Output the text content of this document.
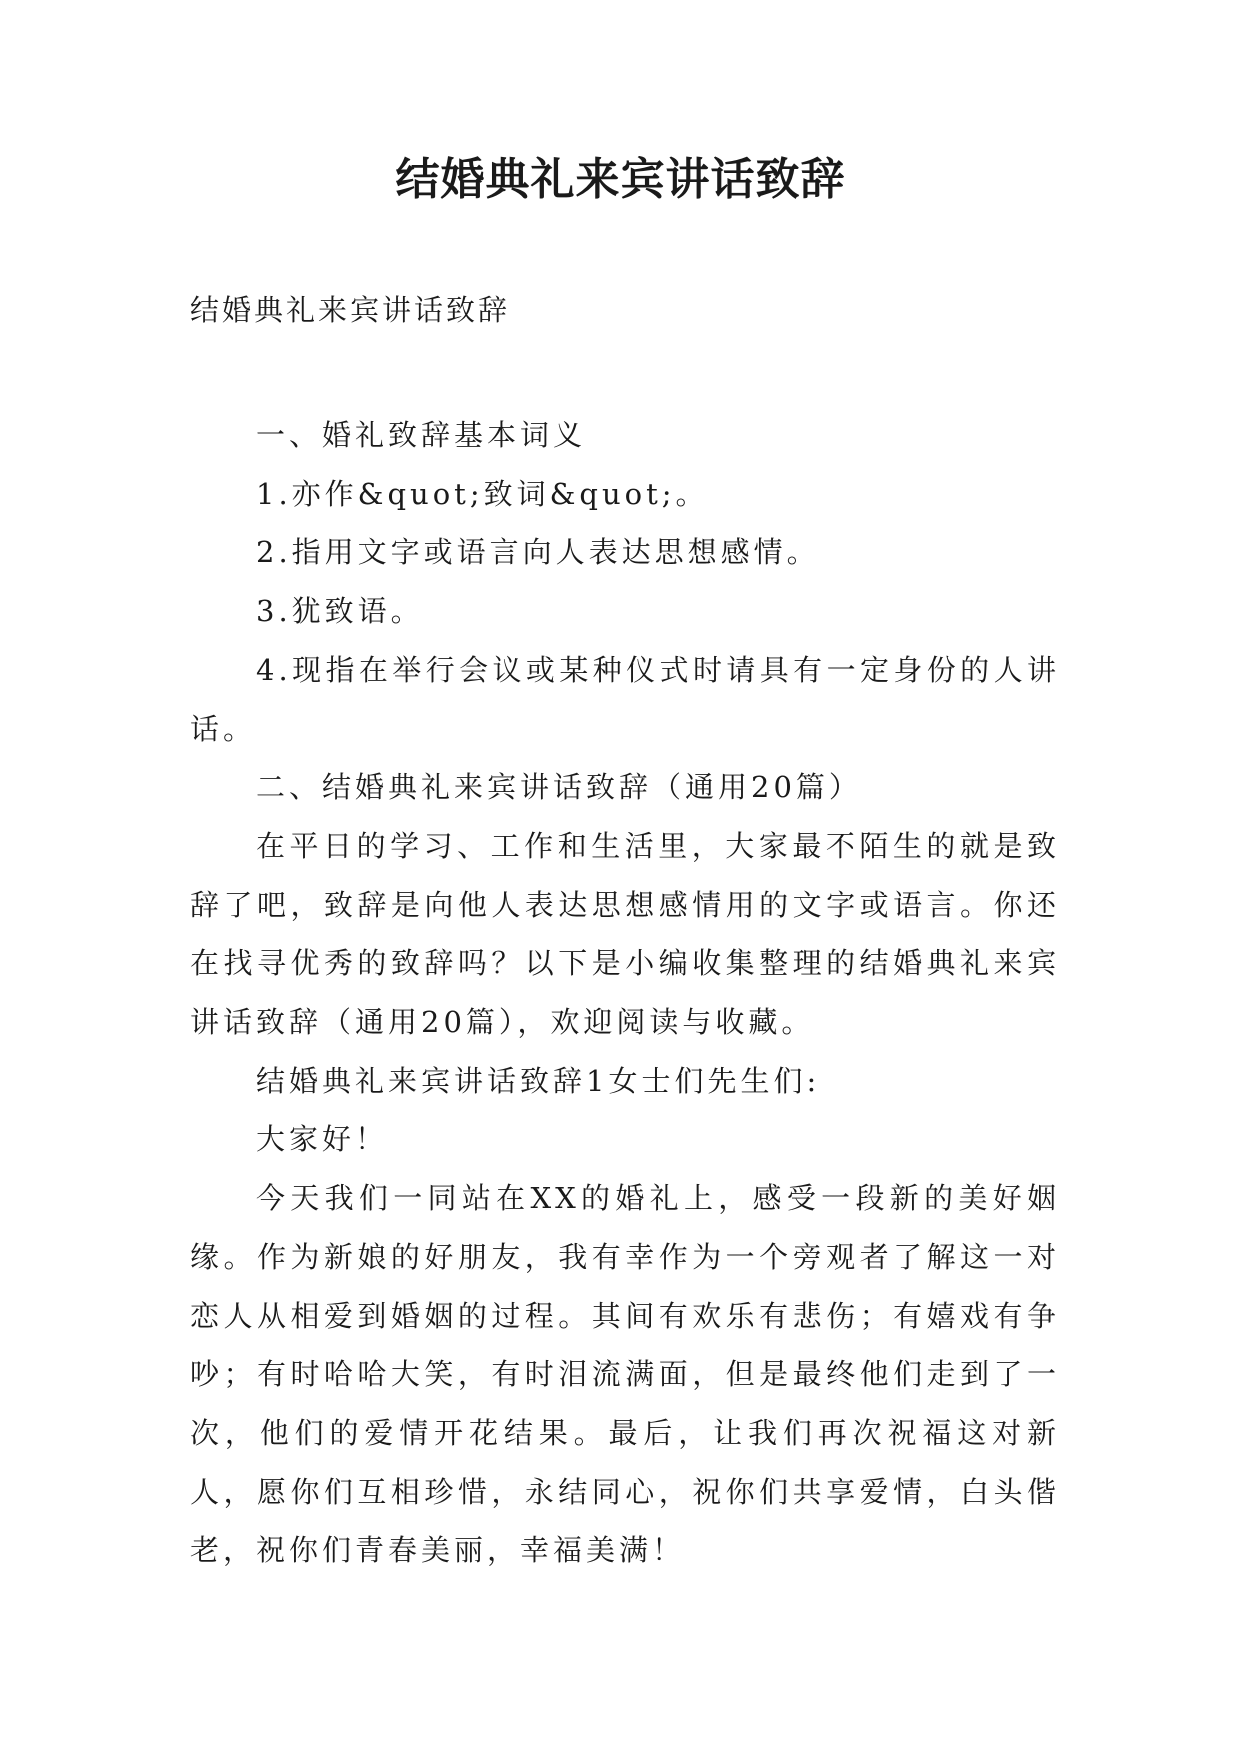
结婚典礼来宾讲话致辞
结婚典礼来宾讲话致辞

一、婚礼致辞基本词义

1.亦作&quot;致词&quot;。

2.指用文字或语言向人表达思想感情。

3.犹致语。

4.现指在举行会议或某种仪式时请具有一定身份的人讲话。

二、结婚典礼来宾讲话致辞（通用20篇）

在平日的学习、工作和生活里，大家最不陌生的就是致辞了吧，致辞是向他人表达思想感情用的文字或语言。你还在找寻优秀的致辞吗？以下是小编收集整理的结婚典礼来宾讲话致辞（通用20篇），欢迎阅读与收藏。

结婚典礼来宾讲话致辞1女士们先生们:

大家好！

今天我们一同站在XX的婚礼上，感受一段新的美好姻缘。作为新娘的好朋友，我有幸作为一个旁观者了解这一对恋人从相爱到婚姻的过程。其间有欢乐有悲伤；有嬉戏有争吵；有时哈哈大笑，有时泪流满面，但是最终他们走到了一次，他们的爱情开花结果。最后，让我们再次祝福这对新人，愿你们互相珍惜，永结同心，祝你们共享爱情，白头偕老，祝你们青春美丽，幸福美满！
